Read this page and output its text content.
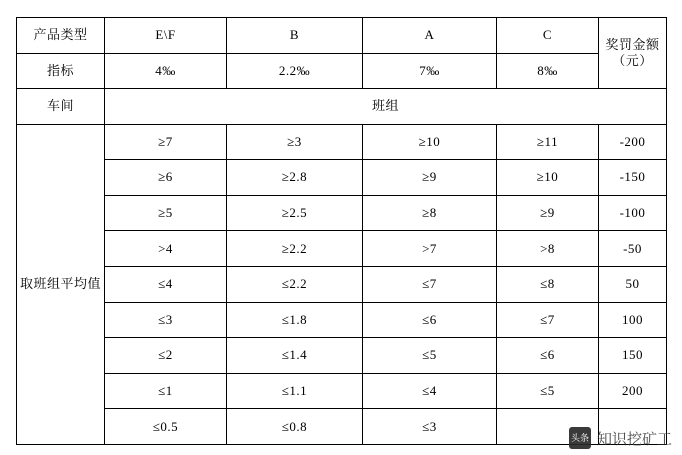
产品类型	E\F	B	A	C	奖罚金额（元）
指标	4‰	2.2‰	7‰	8‰	
车间	班组				
取班组平均值	≥7	≥3	≥10	≥11	-200
	≥6	≥2.8	≥9	≥10	-150
	≥5	≥2.5	≥8	≥9	-100
	>4	≥2.2	>7	>8	-50
	≤4	≤2.2	≤7	≤8	50
	≤3	≤1.8	≤6	≤7	100
	≤2	≤1.4	≤5	≤6	150
	≤1	≤1.1	≤4	≤5	200
	≤0.5	≤0.8	≤3		
头条 知识挖矿工
